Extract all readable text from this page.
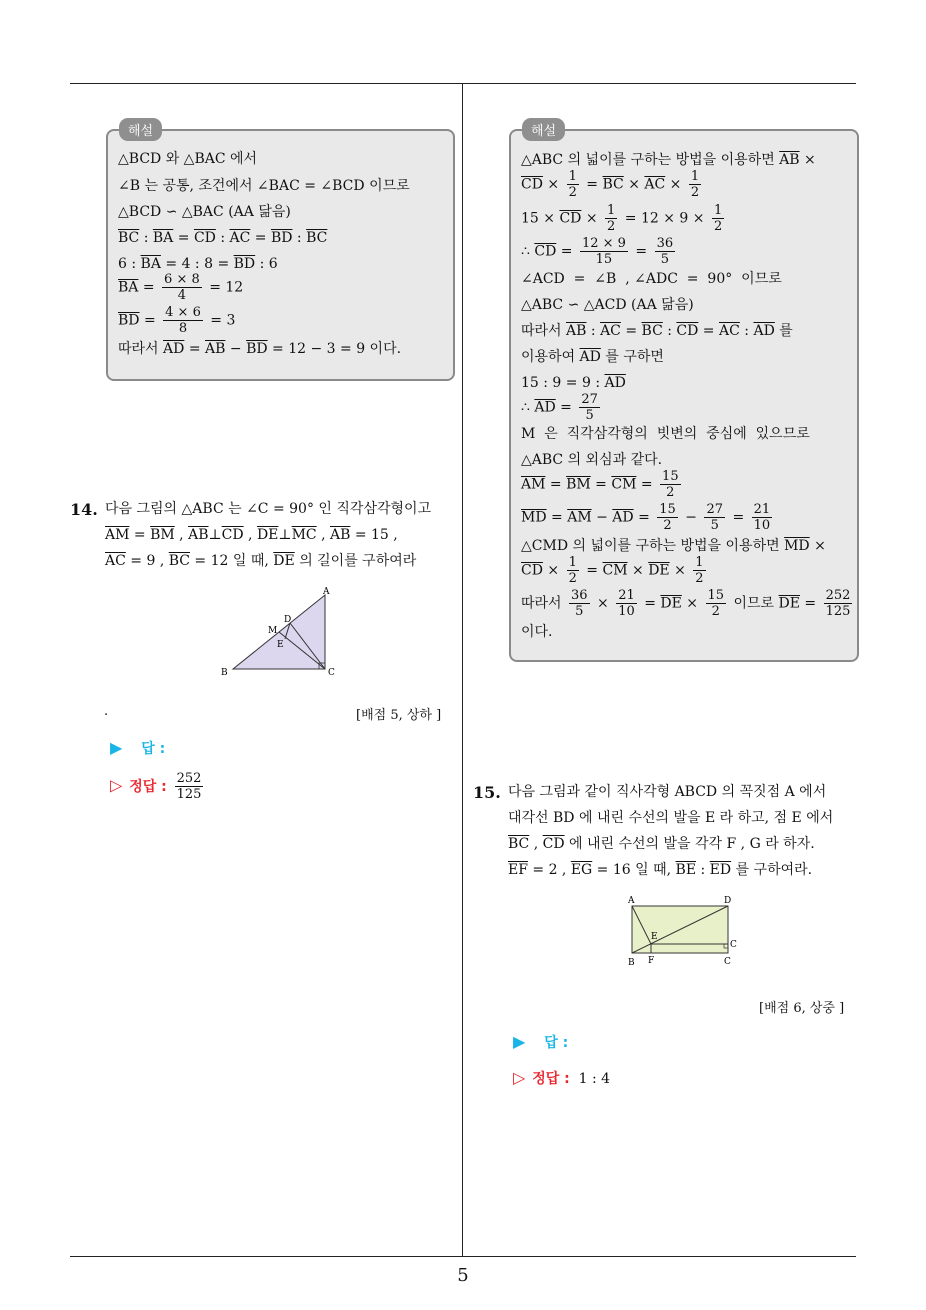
해설
△BCD 와 △BAC 에서
∠B 는 공통, 조건에서 ∠BAC = ∠BCD 이므로
△BCD ∽ △BAC (AA 닮음)
$\overline{BC}$ : $\overline{BA} = \overline{CD}$ : $\overline{AC} = \overline{BD}$ : $\overline{BC}$
6 : $\overline{BA} = 4$ : $8 = \overline{BD}$ : 6
$\overline{BA} = \frac{6 \times 8}{4} = 12$
$\overline{BD} = \frac{4 \times 6}{8} = 3$
따라서 $\overline{AD} = \overline{AB} - \overline{BD} = 12 - 3 = 9$ 이다.
14. 다음 그림의 △ABC 는 ∠C = 90° 인 직각삼각형이고
$\overline{AM} = \overline{BM}$ , $\overline{AB}\perp\overline{CD}$ , $\overline{DE}\perp\overline{MC}$ , $\overline{AB} = 15$ ,
$\overline{AC} = 9$ , $\overline{BC} = 12$ 일 때, $\overline{DE}$ 의 길이를 구하여라
A
B	C
D
M
E
.	[배점 5, 상하 ]
▶ 답 :
▷ 정답 : $\frac{252}{125}$
해설
△ABC 의 넓이를 구하는 방법을 이용하면 $\overline{AB}$ ×
$\overline{CD} \times \frac{1}{2} = \overline{BC} \times \overline{AC} \times \frac{1}{2}$
$15 \times \overline{CD} \times \frac{1}{2} = 12 \times 9 \times \frac{1}{2}$
∴ $\overline{CD} = \frac{12 \times 9}{15} = \frac{36}{5}$
∠ACD  =  ∠B  , ∠ADC  =  90°  이므로
△ABC ∽ △ACD (AA 닮음)
따라서 $\overline{AB}$ : $\overline{AC} = \overline{BC}$ : $\overline{CD} = \overline{AC}$ : $\overline{AD}$ 를
이용하여 $\overline{AD}$ 를 구하면
15 : 9 = 9 : $\overline{AD}$
∴ $\overline{AD} = \frac{27}{5}$
M  은  직각삼각형의  빗변의  중심에  있으므로
△ABC 의 외심과 같다.
$\overline{AM} = \overline{BM} = \overline{CM} = \frac{15}{2}$
$\overline{MD} = \overline{AM} - \overline{AD} = \frac{15}{2} - \frac{27}{5} = \frac{21}{10}$
△CMD 의 넓이를 구하는 방법을 이용하면 $\overline{MD}$ ×
$\overline{CD} \times \frac{1}{2} = \overline{CM} \times \overline{DE} \times \frac{1}{2}$
따라서 $\frac{36}{5} \times \frac{21}{10} = \overline{DE} \times \frac{15}{2}$ 이므로 $\overline{DE} = \frac{252}{125}$
이다.
15. 다음 그림과 같이 직사각형 ABCD 의 꼭짓점 A 에서
대각선 BD 에 내린 수선의 발을 E 라 하고, 점 E 에서
$\overline{BC}$ , $\overline{CD}$ 에 내린 수선의 발을 각각 F , G 라 하자.
$\overline{EF} = 2$ , $\overline{EG} = 16$ 일 때, $\overline{BE}$ : $\overline{ED}$ 를 구하여라.
A	D
B F	C
E
C
[배점 6, 상중 ]
▶ 답 :
▷ 정답 : 1 : 4
5
